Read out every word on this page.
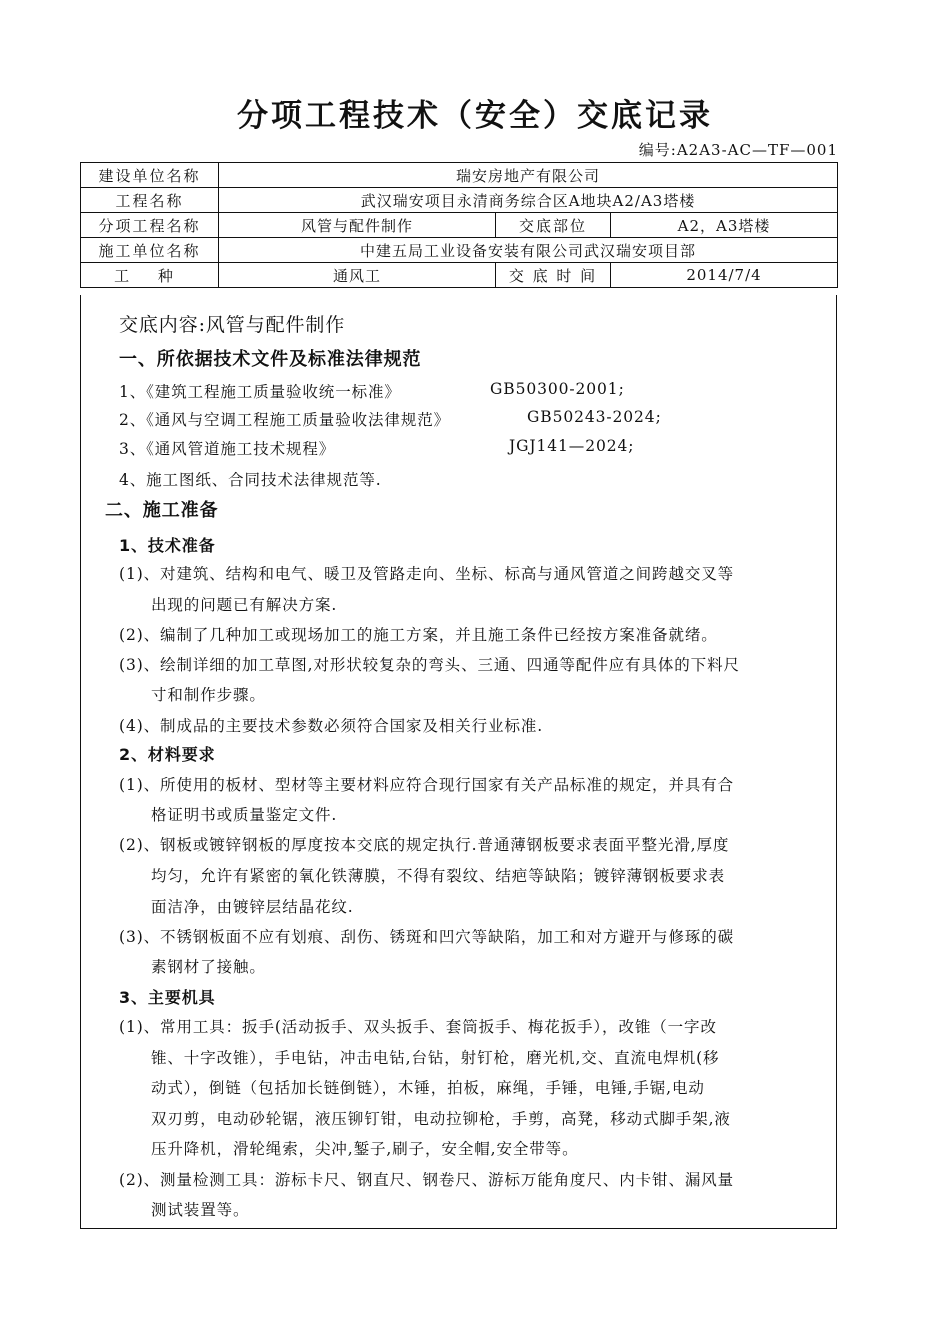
分项工程技术（安全）交底记录
编号:A2A3-AC—TF—001
建设单位名称	瑞安房地产有限公司		
工程名称	武汉瑞安项目永清商务综合区A地块A2/A3塔楼		
分项工程名称	风管与配件制作	交底部位	A2，A3塔楼
施工单位名称	中建五局工业设备安装有限公司武汉瑞安项目部		
工 种	通风工	交 底 时 间	2014/7/4
交底内容:风管与配件制作
一、所依据技术文件及标准法律规范
1、《建筑工程施工质量验收统一标准》	GB50300-2001;
2、《通风与空调工程施工质量验收法律规范》	GB50243-2024;
3、《通风管道施工技术规程》	JGJ141—2024;
4、施工图纸、合同技术法律规范等.
二、施工准备
1、技术准备
(1)、对建筑、结构和电气、暖卫及管路走向、坐标、标高与通风管道之间跨越交叉等
出现的问题已有解决方案.
(2)、编制了几种加工或现场加工的施工方案，并且施工条件已经按方案准备就绪。
(3)、绘制详细的加工草图,对形状较复杂的弯头、三通、四通等配件应有具体的下料尺
寸和制作步骤。
(4)、制成品的主要技术参数必须符合国家及相关行业标准.
2、材料要求
(1)、所使用的板材、型材等主要材料应符合现行国家有关产品标准的规定，并具有合
格证明书或质量鉴定文件.
(2)、钢板或镀锌钢板的厚度按本交底的规定执行.普通薄钢板要求表面平整光滑,厚度
均匀，允许有紧密的氧化铁薄膜，不得有裂纹、结疤等缺陷；镀锌薄钢板要求表
面洁净，由镀锌层结晶花纹.
(3)、不锈钢板面不应有划痕、刮伤、锈斑和凹穴等缺陷，加工和对方避开与修琢的碳
素钢材了接触。
3、主要机具
(1)、常用工具：扳手(活动扳手、双头扳手、套筒扳手、梅花扳手），改锥（一字改
锥、十字改锥），手电钻，冲击电钻,台钻，射钉枪，磨光机,交、直流电焊机(移
动式），倒链（包括加长链倒链），木锤，拍板，麻绳，手锤，电锤,手锯,电动
双刃剪，电动砂轮锯，液压铆钉钳，电动拉铆枪，手剪，高凳，移动式脚手架,液
压升降机，滑轮绳索，尖冲,錾子,刷子，安全帽,安全带等。
(2)、测量检测工具：游标卡尺、钢直尺、钢卷尺、游标万能角度尺、内卡钳、漏风量
测试装置等。
